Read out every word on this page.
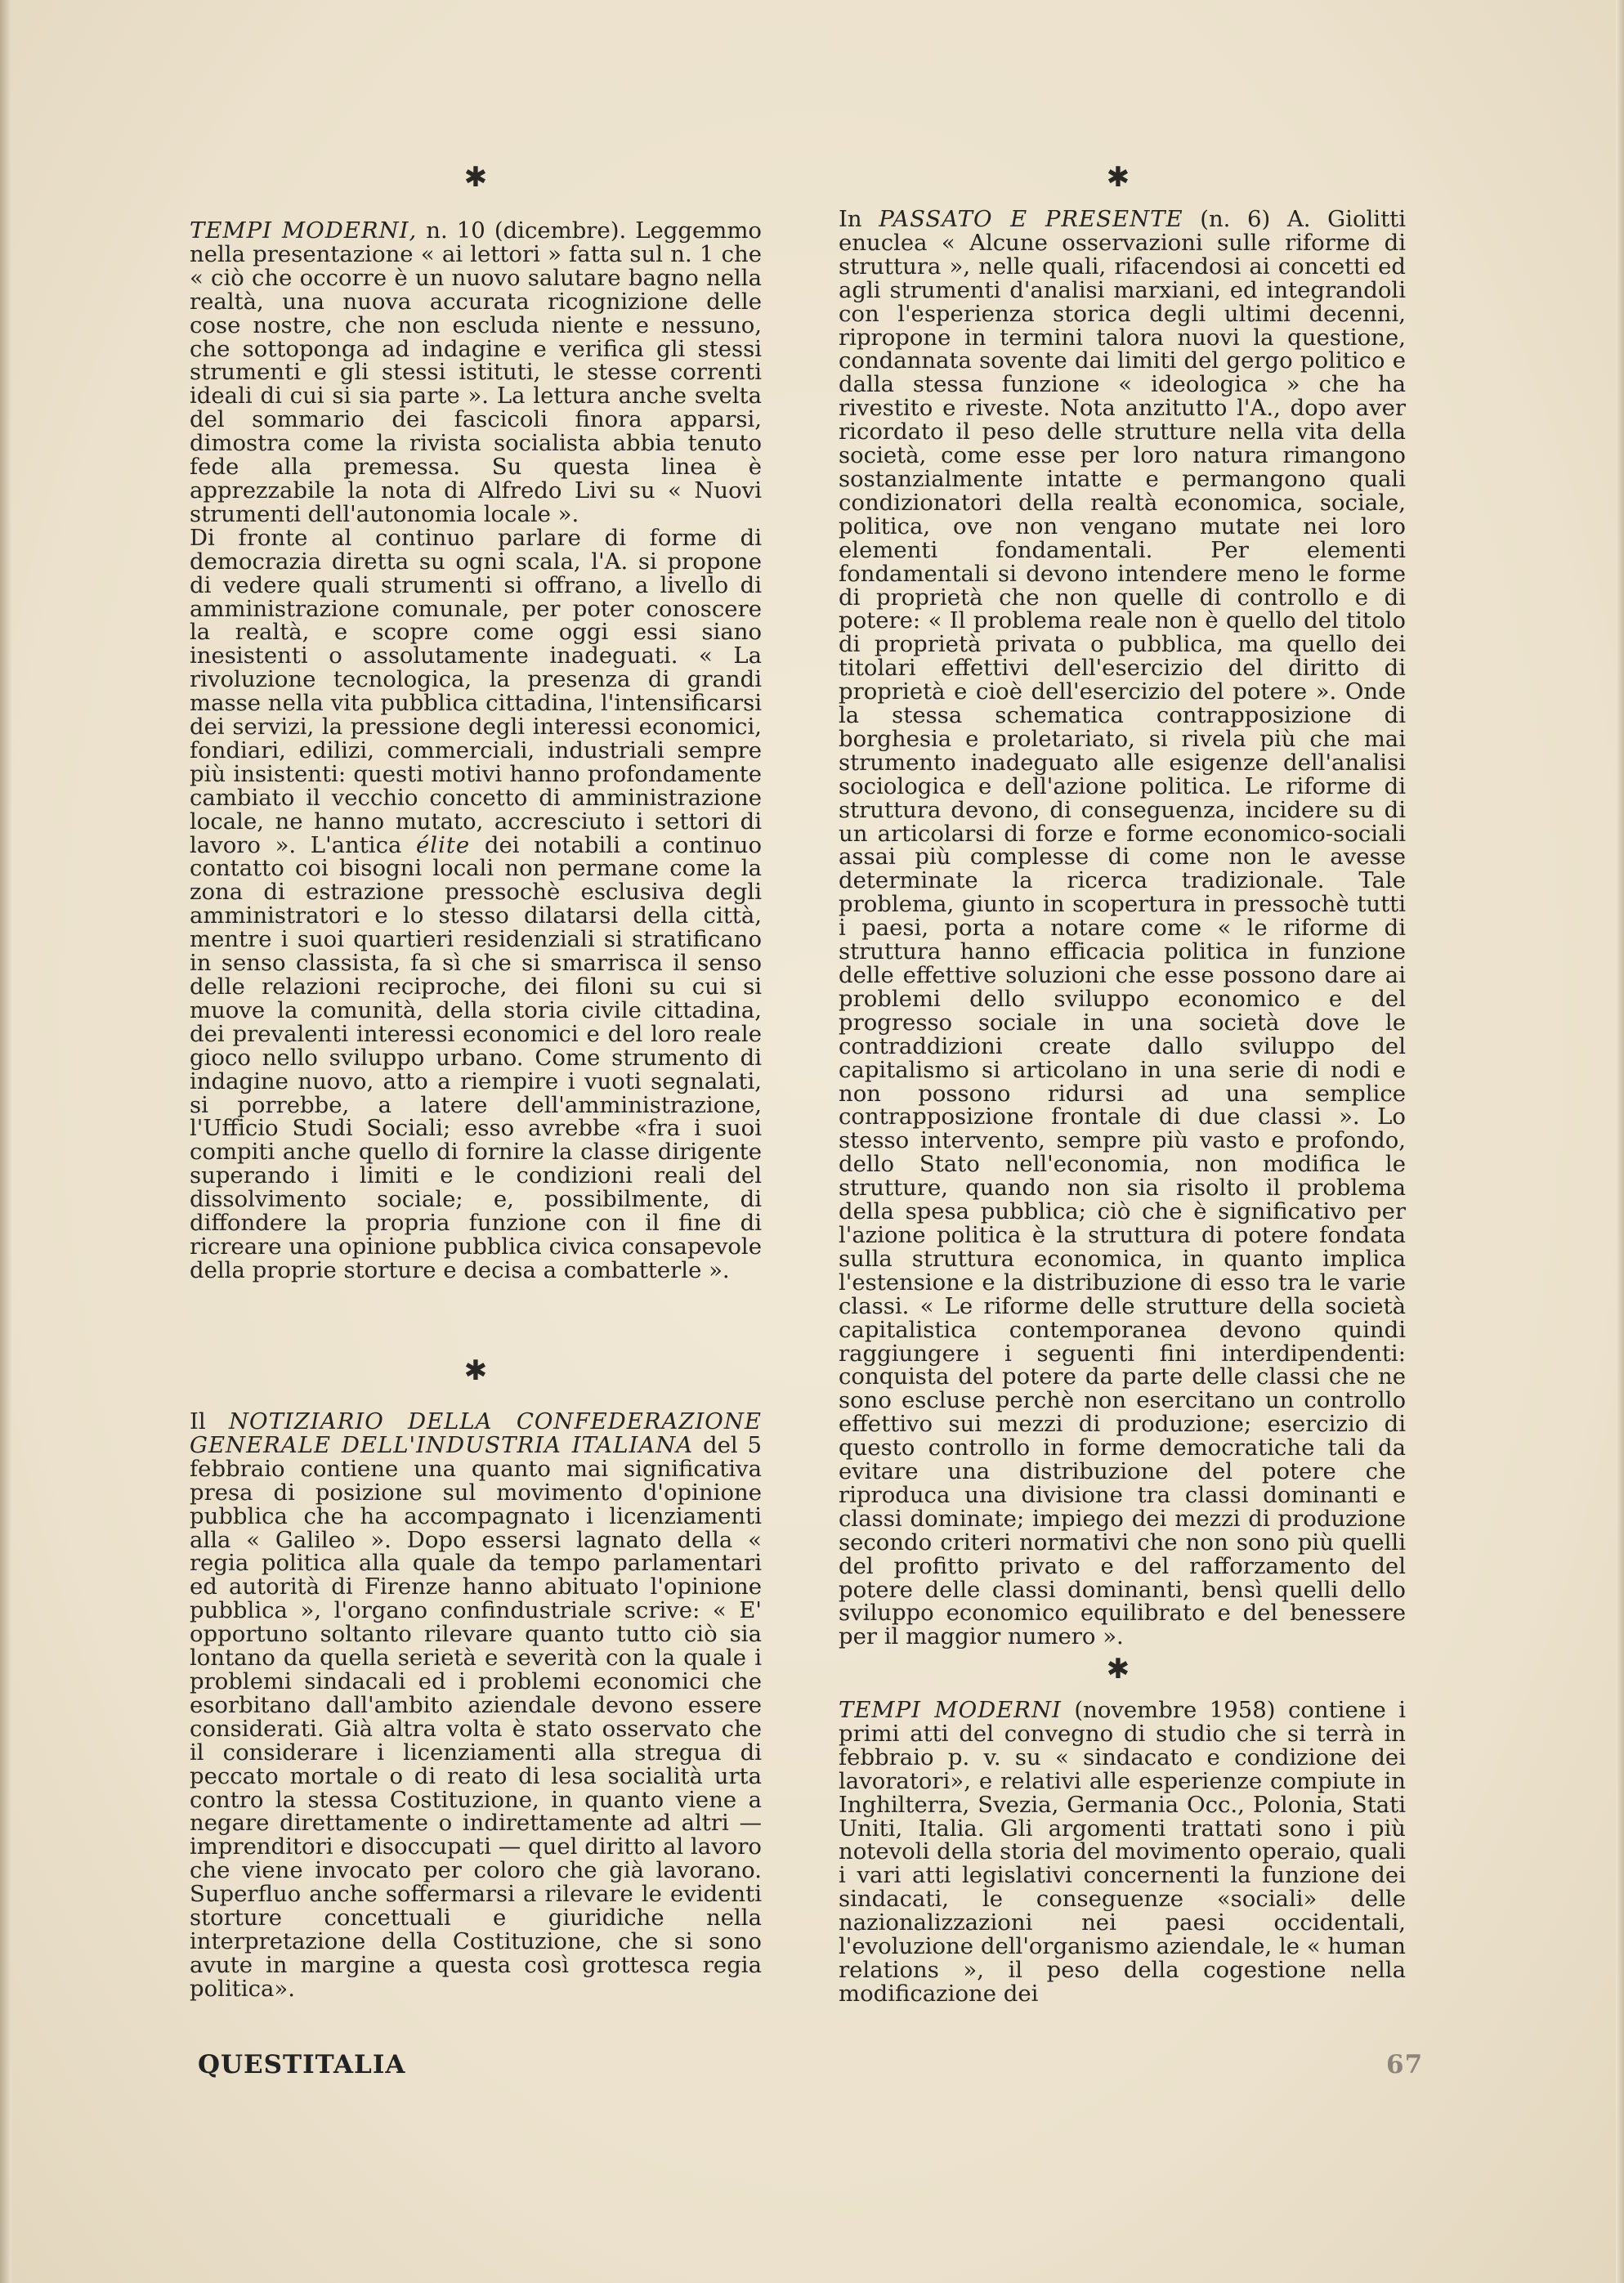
✱

TEMPI MODERNI, n. 10 (dicembre). Leggemmo nella presentazione « ai lettori » fatta sul n. 1 che « ciò che occorre è un nuovo salutare bagno nella realtà, una nuova accurata ricognizione delle cose nostre, che non escluda niente e nessuno, che sottoponga ad indagine e verifica gli stessi strumenti e gli stessi istituti, le stesse correnti ideali di cui si sia parte ». La lettura anche svelta del sommario dei fascicoli finora apparsi, dimostra come la rivista socialista abbia tenuto fede alla premessa. Su questa linea è apprezzabile la nota di Alfredo Livi su « Nuovi strumenti dell'autonomia locale ».

Di fronte al continuo parlare di forme di democrazia diretta su ogni scala, l'A. si propone di vedere quali strumenti si offrano, a livello di amministrazione comunale, per poter conoscere la realtà, e scopre come oggi essi siano inesistenti o assolutamente inadeguati. « La rivoluzione tecnologica, la presenza di grandi masse nella vita pubblica cittadina, l'intensificarsi dei servizi, la pressione degli interessi economici, fondiari, edilizi, commerciali, industriali sempre più insistenti: questi motivi hanno profondamente cambiato il vecchio concetto di amministrazione locale, ne hanno mutato, accresciuto i settori di lavoro ». L'antica élite dei notabili a continuo contatto coi bisogni locali non permane come la zona di estrazione pressochè esclusiva degli amministratori e lo stesso dilatarsi della città, mentre i suoi quartieri residenziali si stratificano in senso classista, fa sì che si smarrisca il senso delle relazioni reciproche, dei filoni su cui si muove la comunità, della storia civile cittadina, dei prevalenti interessi economici e del loro reale gioco nello sviluppo urbano. Come strumento di indagine nuovo, atto a riempire i vuoti segnalati, si porrebbe, a latere dell'amministrazione, l'Ufficio Studi Sociali; esso avrebbe «fra i suoi compiti anche quello di fornire la classe dirigente superando i limiti e le condizioni reali del dissolvimento sociale; e, possibilmente, di diffondere la propria funzione con il fine di ricreare una opinione pubblica civica consapevole della proprie storture e decisa a combatterle ».

✱

Il NOTIZIARIO DELLA CONFEDERAZIONE GENERALE DELL'INDUSTRIA ITALIANA del 5 febbraio contiene una quanto mai significativa presa di posizione sul movimento d'opinione pubblica che ha accompagnato i licenziamenti alla « Galileo ». Dopo essersi lagnato della « regia politica alla quale da tempo parlamentari ed autorità di Firenze hanno abituato l'opinione pubblica », l'organo confindustriale scrive: « E' opportuno soltanto rilevare quanto tutto ciò sia lontano da quella serietà e severità con la quale i problemi sindacali ed i problemi economici che esorbitano dall'ambito aziendale devono essere considerati. Già altra volta è stato osservato che il considerare i licenziamenti alla stregua di peccato mortale o di reato di lesa socialità urta contro la stessa Costituzione, in quanto viene a negare direttamente o indirettamente ad altri — imprenditori e disoccupati — quel diritto al lavoro che viene invocato per coloro che già lavorano. Superfluo anche soffermarsi a rilevare le evidenti storture concettuali e giuridiche nella interpretazione della Costituzione, che si sono avute in margine a questa così grottesca regia politica».

✱

In PASSATO E PRESENTE (n. 6) A. Giolitti enuclea « Alcune osservazioni sulle riforme di struttura », nelle quali, rifacendosi ai concetti ed agli strumenti d'analisi marxiani, ed integrandoli con l'esperienza storica degli ultimi decenni, ripropone in termini talora nuovi la questione, condannata sovente dai limiti del gergo politico e dalla stessa funzione « ideologica » che ha rivestito e riveste. Nota anzitutto l'A., dopo aver ricordato il peso delle strutture nella vita della società, come esse per loro natura rimangono sostanzialmente intatte e permangono quali condizionatori della realtà economica, sociale, politica, ove non vengano mutate nei loro elementi fondamentali. Per elementi fondamentali si devono intendere meno le forme di proprietà che non quelle di controllo e di potere: « Il problema reale non è quello del titolo di proprietà privata o pubblica, ma quello dei titolari effettivi dell'esercizio del diritto di proprietà e cioè dell'esercizio del potere ». Onde la stessa schematica contrapposizione di borghesia e proletariato, si rivela più che mai strumento inadeguato alle esigenze dell'analisi sociologica e dell'azione politica. Le riforme di struttura devono, di conseguenza, incidere su di un articolarsi di forze e forme economico-sociali assai più complesse di come non le avesse determinate la ricerca tradizionale. Tale problema, giunto in scopertura in pressochè tutti i paesi, porta a notare come « le riforme di struttura hanno efficacia politica in funzione delle effettive soluzioni che esse possono dare ai problemi dello sviluppo economico e del progresso sociale in una società dove le contraddizioni create dallo sviluppo del capitalismo si articolano in una serie di nodi e non possono ridursi ad una semplice contrapposizione frontale di due classi ». Lo stesso intervento, sempre più vasto e profondo, dello Stato nell'economia, non modifica le strutture, quando non sia risolto il problema della spesa pubblica; ciò che è significativo per l'azione politica è la struttura di potere fondata sulla struttura economica, in quanto implica l'estensione e la distribuzione di esso tra le varie classi. « Le riforme delle strutture della società capitalistica contemporanea devono quindi raggiungere i seguenti fini interdipendenti: conquista del potere da parte delle classi che ne sono escluse perchè non esercitano un controllo effettivo sui mezzi di produzione; esercizio di questo controllo in forme democratiche tali da evitare una distribuzione del potere che riproduca una divisione tra classi dominanti e classi dominate; impiego dei mezzi di produzione secondo criteri normativi che non sono più quelli del profitto privato e del rafforzamento del potere delle classi dominanti, bensì quelli dello sviluppo economico equilibrato e del benessere per il maggior numero ».

✱

TEMPI MODERNI (novembre 1958) contiene i primi atti del convegno di studio che si terrà in febbraio p. v. su « sindacato e condizione dei lavoratori», e relativi alle esperienze compiute in Inghilterra, Svezia, Germania Occ., Polonia, Stati Uniti, Italia. Gli argomenti trattati sono i più notevoli della storia del movimento operaio, quali i vari atti legislativi concernenti la funzione dei sindacati, le conseguenze «sociali» delle nazionalizzazioni nei paesi occidentali, l'evoluzione dell'organismo aziendale, le « human relations », il peso della cogestione nella modificazione dei

QUESTITALIA	67
